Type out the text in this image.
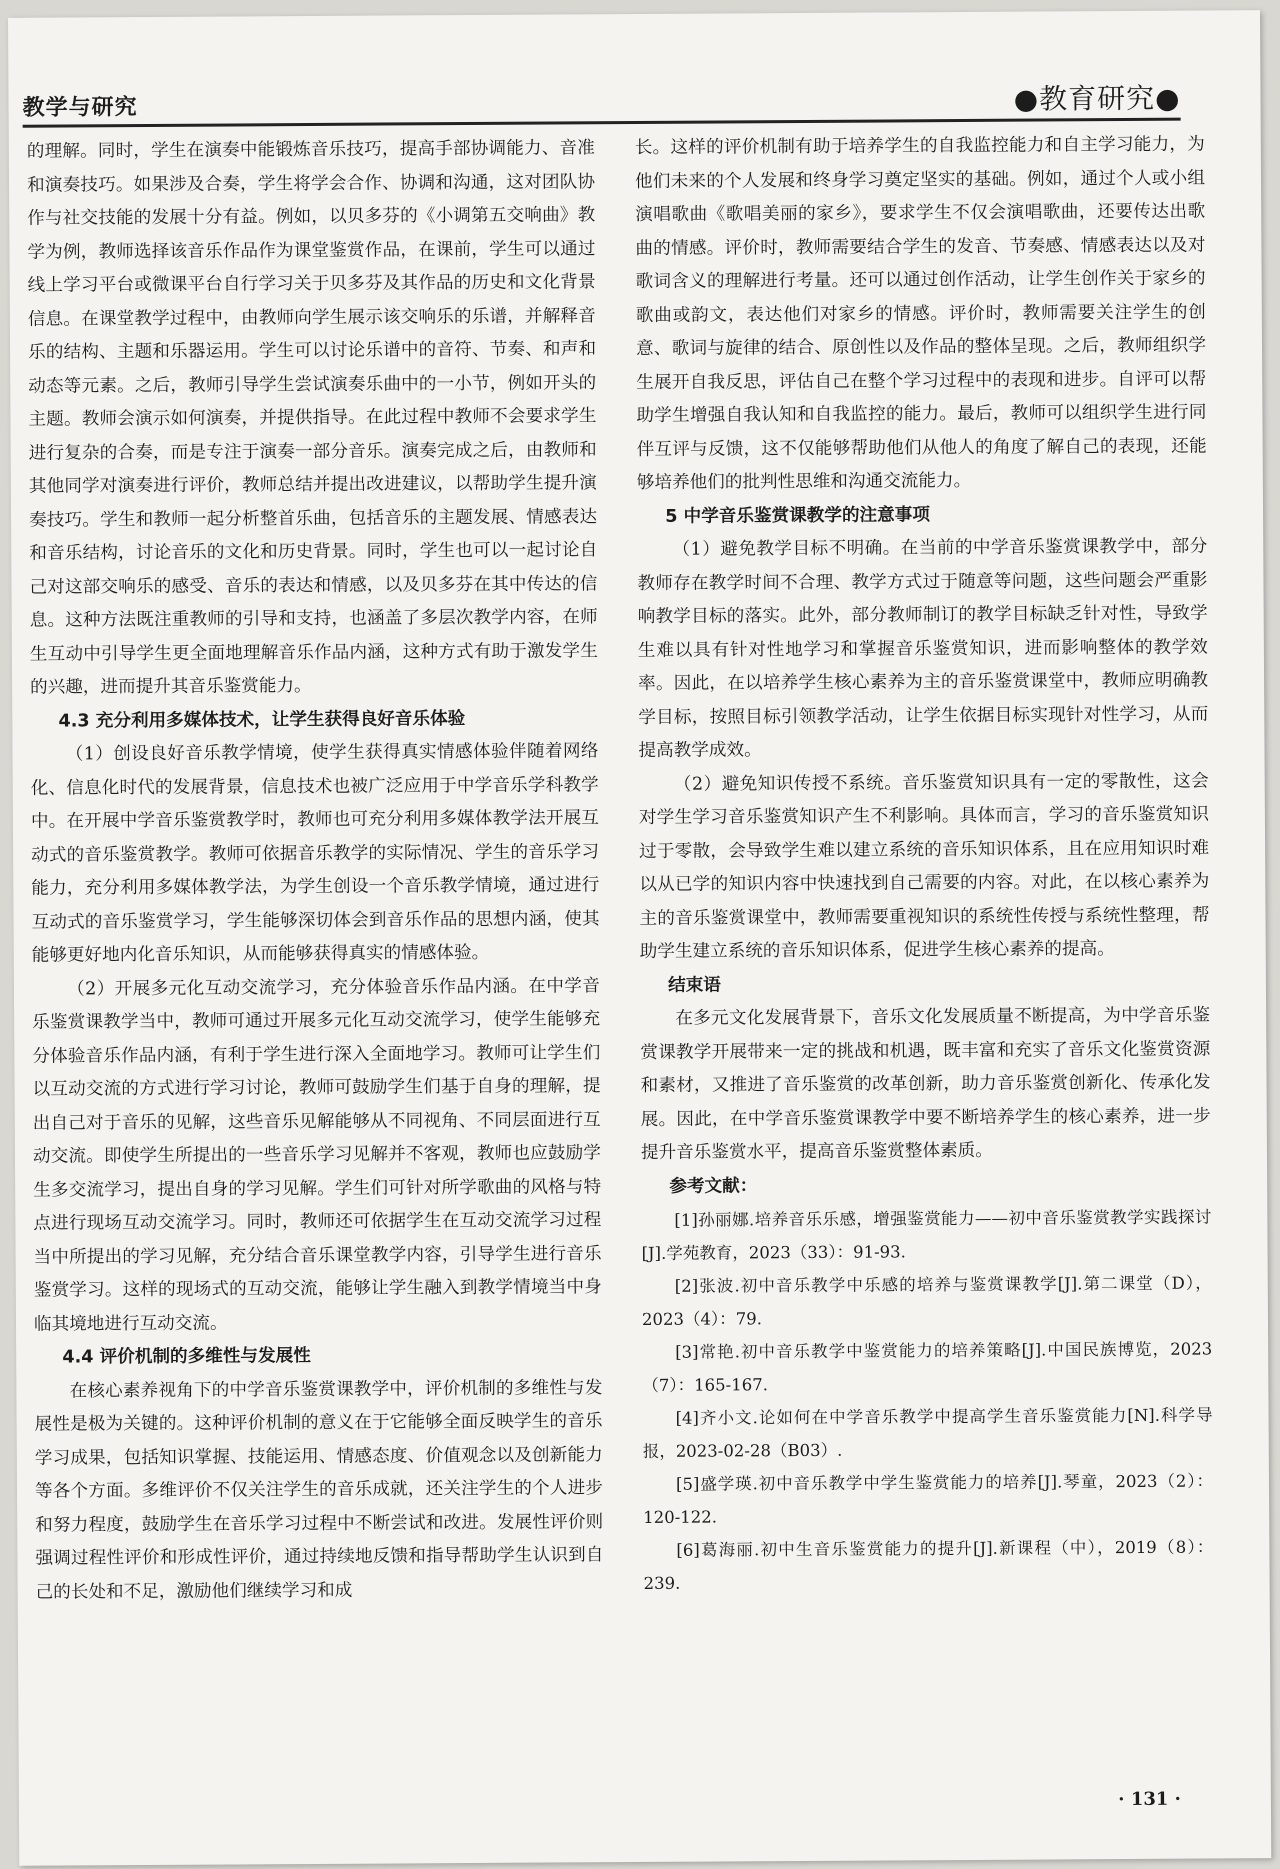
教学与研究	●教育研究●

的理解。同时，学生在演奏中能锻炼音乐技巧，提高手部协调能力、音准和演奏技巧。如果涉及合奏，学生将学会合作、协调和沟通，这对团队协作与社交技能的发展十分有益。例如，以贝多芬的《小调第五交响曲》教学为例，教师选择该音乐作品作为课堂鉴赏作品，在课前，学生可以通过线上学习平台或微课平台自行学习关于贝多芬及其作品的历史和文化背景信息。在课堂教学过程中，由教师向学生展示该交响乐的乐谱，并解释音乐的结构、主题和乐器运用。学生可以讨论乐谱中的音符、节奏、和声和动态等元素。之后，教师引导学生尝试演奏乐曲中的一小节，例如开头的主题。教师会演示如何演奏，并提供指导。在此过程中教师不会要求学生进行复杂的合奏，而是专注于演奏一部分音乐。演奏完成之后，由教师和其他同学对演奏进行评价，教师总结并提出改进建议，以帮助学生提升演奏技巧。学生和教师一起分析整首乐曲，包括音乐的主题发展、情感表达和音乐结构，讨论音乐的文化和历史背景。同时，学生也可以一起讨论自己对这部交响乐的感受、音乐的表达和情感，以及贝多芬在其中传达的信息。这种方法既注重教师的引导和支持，也涵盖了多层次教学内容，在师生互动中引导学生更全面地理解音乐作品内涵，这种方式有助于激发学生的兴趣，进而提升其音乐鉴赏能力。

4.3 充分利用多媒体技术，让学生获得良好音乐体验

（1）创设良好音乐教学情境，使学生获得真实情感体验伴随着网络化、信息化时代的发展背景，信息技术也被广泛应用于中学音乐学科教学中。在开展中学音乐鉴赏教学时，教师也可充分利用多媒体教学法开展互动式的音乐鉴赏教学。教师可依据音乐教学的实际情况、学生的音乐学习能力，充分利用多媒体教学法，为学生创设一个音乐教学情境，通过进行互动式的音乐鉴赏学习，学生能够深切体会到音乐作品的思想内涵，使其能够更好地内化音乐知识，从而能够获得真实的情感体验。

（2）开展多元化互动交流学习，充分体验音乐作品内涵。在中学音乐鉴赏课教学当中，教师可通过开展多元化互动交流学习，使学生能够充分体验音乐作品内涵，有利于学生进行深入全面地学习。教师可让学生们以互动交流的方式进行学习讨论，教师可鼓励学生们基于自身的理解，提出自己对于音乐的见解，这些音乐见解能够从不同视角、不同层面进行互动交流。即使学生所提出的一些音乐学习见解并不客观，教师也应鼓励学生多交流学习，提出自身的学习见解。学生们可针对所学歌曲的风格与特点进行现场互动交流学习。同时，教师还可依据学生在互动交流学习过程当中所提出的学习见解，充分结合音乐课堂教学内容，引导学生进行音乐鉴赏学习。这样的现场式的互动交流，能够让学生融入到教学情境当中身临其境地进行互动交流。

4.4 评价机制的多维性与发展性

在核心素养视角下的中学音乐鉴赏课教学中，评价机制的多维性与发展性是极为关键的。这种评价机制的意义在于它能够全面反映学生的音乐学习成果，包括知识掌握、技能运用、情感态度、价值观念以及创新能力等各个方面。多维评价不仅关注学生的音乐成就，还关注学生的个人进步和努力程度，鼓励学生在音乐学习过程中不断尝试和改进。发展性评价则强调过程性评价和形成性评价，通过持续地反馈和指导帮助学生认识到自己的长处和不足，激励他们继续学习和成

长。这样的评价机制有助于培养学生的自我监控能力和自主学习能力，为他们未来的个人发展和终身学习奠定坚实的基础。例如，通过个人或小组演唱歌曲《歌唱美丽的家乡》，要求学生不仅会演唱歌曲，还要传达出歌曲的情感。评价时，教师需要结合学生的发音、节奏感、情感表达以及对歌词含义的理解进行考量。还可以通过创作活动，让学生创作关于家乡的歌曲或韵文，表达他们对家乡的情感。评价时，教师需要关注学生的创意、歌词与旋律的结合、原创性以及作品的整体呈现。之后，教师组织学生展开自我反思，评估自己在整个学习过程中的表现和进步。自评可以帮助学生增强自我认知和自我监控的能力。最后，教师可以组织学生进行同伴互评与反馈，这不仅能够帮助他们从他人的角度了解自己的表现，还能够培养他们的批判性思维和沟通交流能力。

5 中学音乐鉴赏课教学的注意事项

（1）避免教学目标不明确。在当前的中学音乐鉴赏课教学中，部分教师存在教学时间不合理、教学方式过于随意等问题，这些问题会严重影响教学目标的落实。此外，部分教师制订的教学目标缺乏针对性，导致学生难以具有针对性地学习和掌握音乐鉴赏知识，进而影响整体的教学效率。因此，在以培养学生核心素养为主的音乐鉴赏课堂中，教师应明确教学目标，按照目标引领教学活动，让学生依据目标实现针对性学习，从而提高教学成效。

（2）避免知识传授不系统。音乐鉴赏知识具有一定的零散性，这会对学生学习音乐鉴赏知识产生不利影响。具体而言，学习的音乐鉴赏知识过于零散，会导致学生难以建立系统的音乐知识体系，且在应用知识时难以从已学的知识内容中快速找到自己需要的内容。对此，在以核心素养为主的音乐鉴赏课堂中，教师需要重视知识的系统性传授与系统性整理，帮助学生建立系统的音乐知识体系，促进学生核心素养的提高。

结束语

在多元文化发展背景下，音乐文化发展质量不断提高，为中学音乐鉴赏课教学开展带来一定的挑战和机遇，既丰富和充实了音乐文化鉴赏资源和素材，又推进了音乐鉴赏的改革创新，助力音乐鉴赏创新化、传承化发展。因此，在中学音乐鉴赏课教学中要不断培养学生的核心素养，进一步提升音乐鉴赏水平，提高音乐鉴赏整体素质。

参考文献：

[1]孙丽娜.培养音乐乐感，增强鉴赏能力——初中音乐鉴赏教学实践探讨[J].学苑教育，2023（33）：91-93.

[2]张波.初中音乐教学中乐感的培养与鉴赏课教学[J].第二课堂（D），2023（4）：79.

[3]常艳.初中音乐教学中鉴赏能力的培养策略[J].中国民族博览，2023（7）：165-167.

[4]齐小文.论如何在中学音乐教学中提高学生音乐鉴赏能力[N].科学导报，2023-02-28（B03）.

[5]盛学瑛.初中音乐教学中学生鉴赏能力的培养[J].琴童，2023（2）：120-122.

[6]葛海丽.初中生音乐鉴赏能力的提升[J].新课程（中），2019（8）：239.

· 131 ·
